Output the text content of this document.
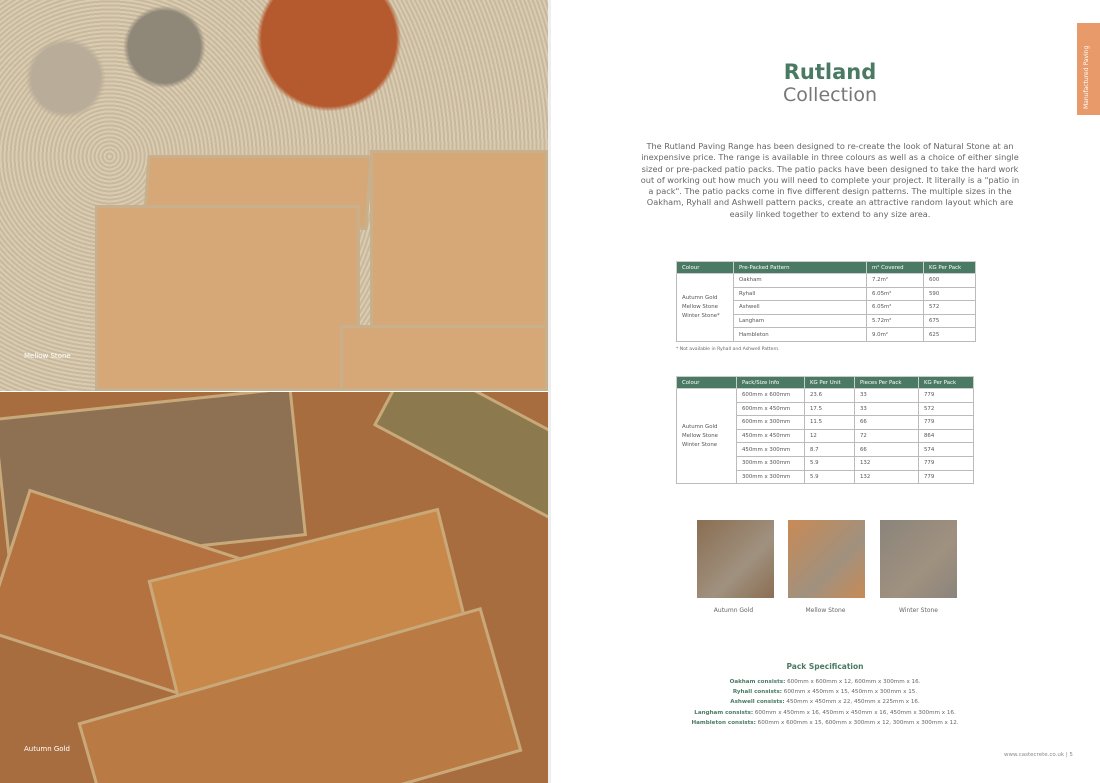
Mellow Stone
Autumn Gold
Manufactured Paving
Rutland
Collection

The Rutland Paving Range has been designed to re-create the look of Natural Stone at an inexpensive price. The range is available in three colours as well as a choice of either single sized or pre-packed patio packs. The patio packs have been designed to take the hard work out of working out how much you will need to complete your project. It literally is a "patio in a pack". The patio packs come in five different design patterns. The multiple sizes in the Oakham, Ryhall and Ashwell pattern packs, create an attractive random layout which are easily linked together to extend to any size area.

Colour	Pre-Packed Pattern	m² Covered	KG Per Pack

Autumn Gold
Mellow Stone
Winter Stone*	Oakham	7.2m²	600
	Ryhall	6.05m²	590
	Ashwell	6.05m²	572
	Langham	5.72m²	675
	Hambleton	9.0m²	625
* Not available in Ryhall and Ashwell Pattern.
Colour	Pack/Size Info	KG Per Unit	Pieces Per Pack	KG Per Pack

Autumn Gold
Mellow Stone
Winter Stone	600mm x 600mm	23.6	33	779
	600mm x 450mm	17.5	33	572
	600mm x 300mm	11.5	66	779
	450mm x 450mm	12	72	864
	450mm x 300mm	8.7	66	574
	300mm x 300mm	5.9	132	779
	300mm x 300mm	5.9	132	779
Autumn Gold	Mellow Stone	Winter Stone
Pack Specification
Oakham consists: 600mm x 600mm x 12, 600mm x 300mm x 16.
Ryhall consists: 600mm x 450mm x 15, 450mm x 300mm x 15.
Ashwell consists: 450mm x 450mm x 22, 450mm x 225mm x 16.
Langham consists: 600mm x 450mm x 16, 450mm x 450mm x 16, 450mm x 300mm x 16.
Hambleton consists: 600mm x 600mm x 15, 600mm x 300mm x 12, 300mm x 300mm x 12.
www.castecrete.co.uk | 5
